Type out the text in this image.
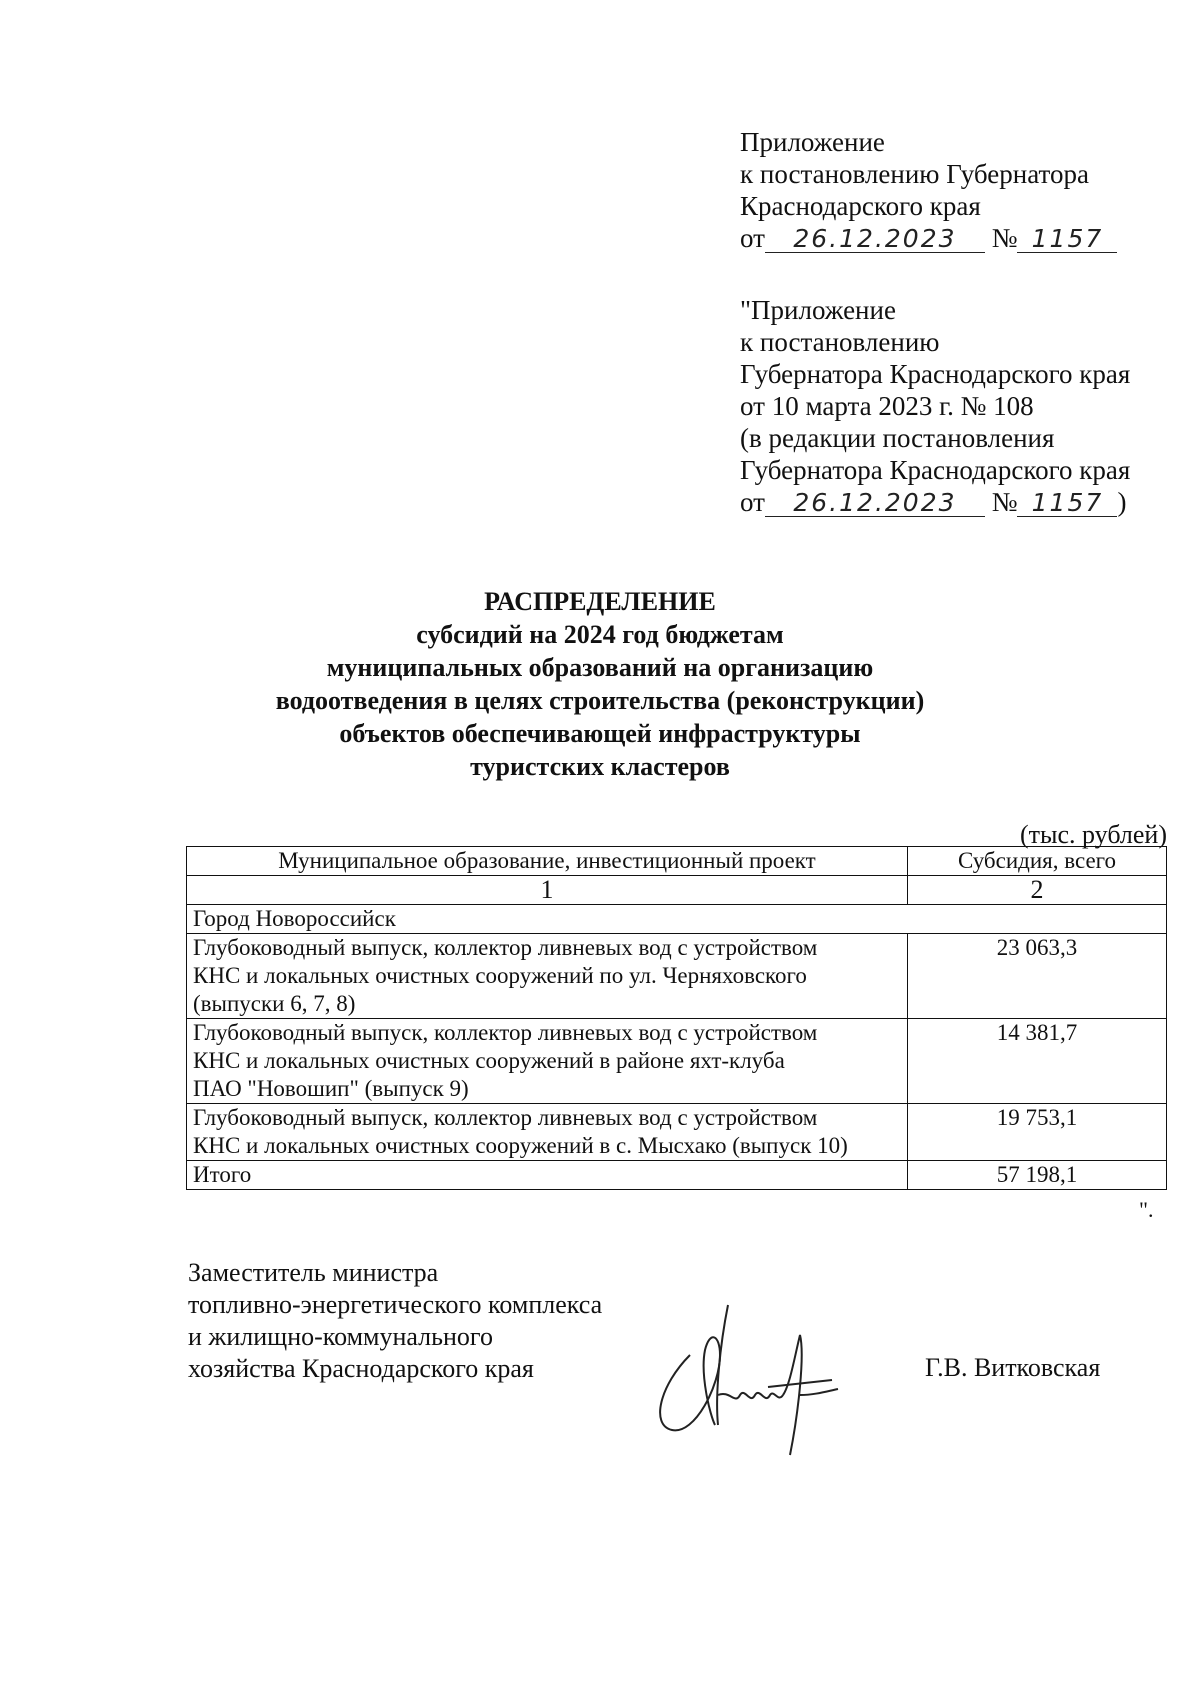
Приложение
к постановлению Губернатора
Краснодарского края
от 26.12.2023 № 1157
"Приложение
к постановлению
Губернатора Краснодарского края
от 10 марта 2023 г. № 108
(в редакции постановления
Губернатора Краснодарского края
от 26.12.2023 № 1157 )
РАСПРЕДЕЛЕНИЕ
субсидий на 2024 год бюджетам
муниципальных образований на организацию
водоотведения в целях строительства (реконструкции)
объектов обеспечивающей инфраструктуры
туристских кластеров
(тыс. рублей)
Муниципальное образование, инвестиционный проект	Субсидия, всего
1	2
Город Новороссийск	

Глубоководный выпуск, коллектор ливневых вод с устройством
КНС и локальных очистных сооружений по ул. Черняховского
(выпуски 6, 7, 8)	23 063,3

Глубоководный выпуск, коллектор ливневых вод с устройством
КНС и локальных очистных сооружений в районе яхт-клуба
ПАО "Новошип" (выпуск 9)	14 381,7

Глубоководный выпуск, коллектор ливневых вод с устройством
КНС и локальных очистных сооружений в с. Мысхако (выпуск 10)	19 753,1
Итого	57 198,1
".
Заместитель министра
топливно-энергетического комплекса
и жилищно-коммунального
хозяйства Краснодарского края	Г.В. Витковская
